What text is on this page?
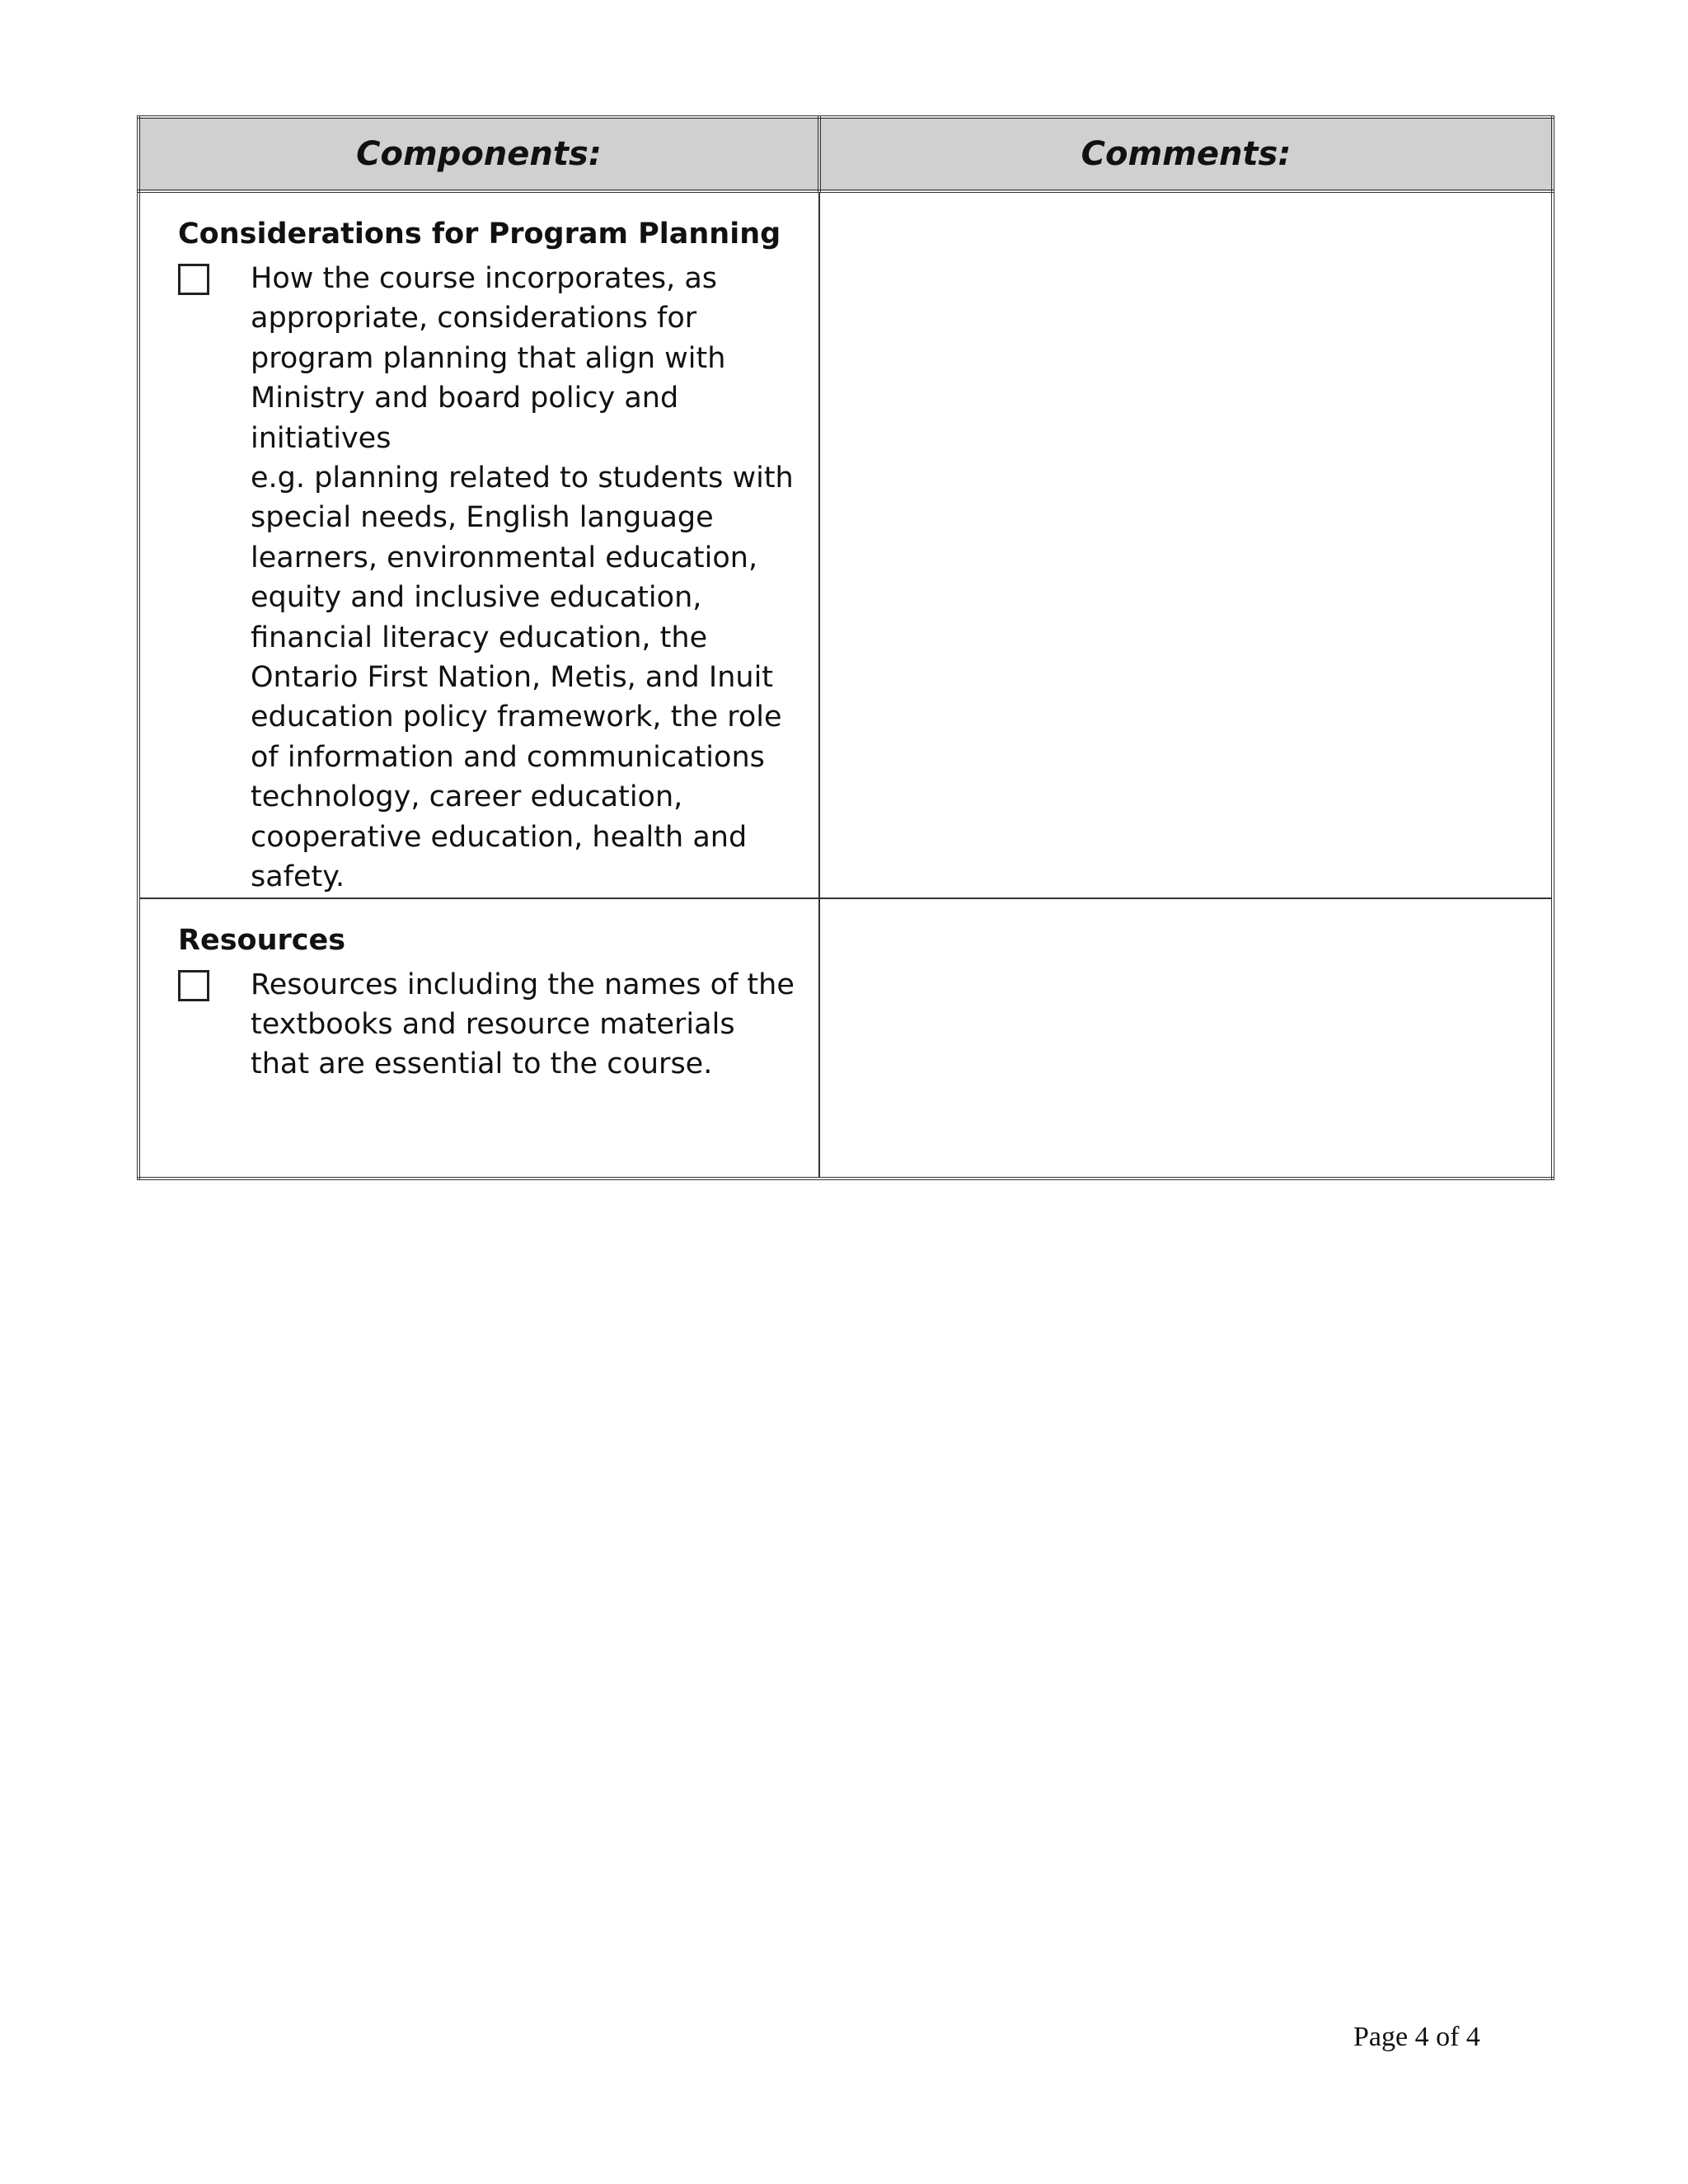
Components:	Comments:

Considerations for Program Planning
How the course incorporates, as appropriate, considerations for program planning that align with Ministry and board policy and initiatives
e.g. planning related to students with special needs, English language learners, environmental education, equity and inclusive education, financial literacy education, the Ontario First Nation, Metis, and Inuit education policy framework, the role of information and communications technology, career education, cooperative education, health and safety.	

Resources
Resources including the names of the textbooks and resource materials that are essential to the course.	

Page 4 of 4
